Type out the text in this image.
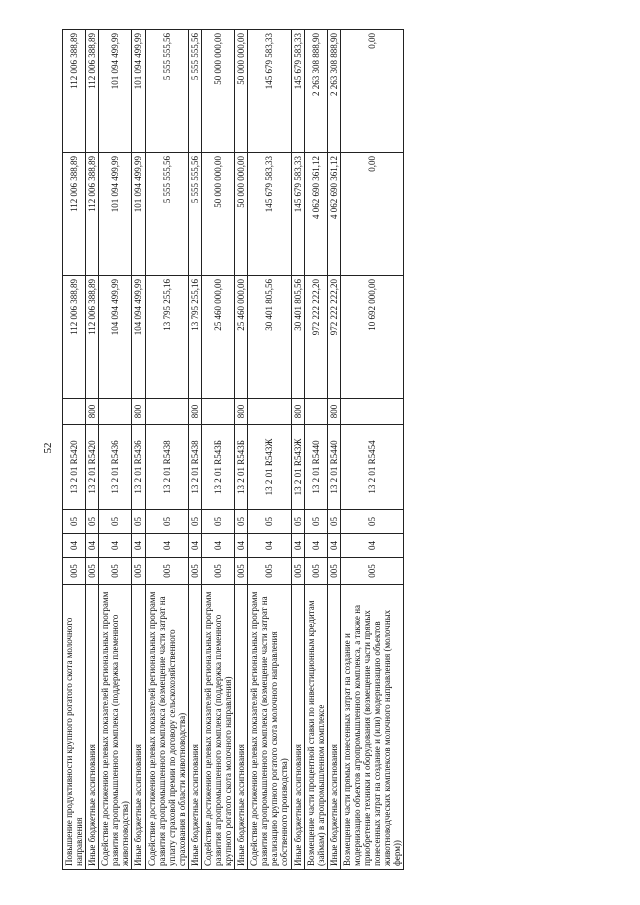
52
Повышение продуктивности крупного рогатого скота молочного направления	005	04	05	13 2 01 R5420		112 006 388,89	112 006 388,89	112 006 388,89
Иные бюджетные ассигнования	005	04	05	13 2 01 R5420	800	112 006 388,89	112 006 388,89	112 006 388,89
Содействие достижению целевых показателей региональных программ развития агропромышленного комплекса (поддержка племенного животноводства)	005	04	05	13 2 01 R5436		104 094 499,99	101 094 499,99	101 094 499,99
Иные бюджетные ассигнования	005	04	05	13 2 01 R5436	800	104 094 499,99	101 094 499,99	101 094 499,99
Содействие достижению целевых показателей региональных программ развития агропромышленного комплекса (возмещение части затрат на уплату страховой премии по договору сельскохозяйственного страхования в области животноводства)	005	04	05	13 2 01 R5438		13 795 255,16	5 555 555,56	5 555 555,56
Иные бюджетные ассигнования	005	04	05	13 2 01 R5438	800	13 795 255,16	5 555 555,56	5 555 555,56
Содействие достижению целевых показателей региональных программ развития агропромышленного комплекса (поддержка племенного крупного рогатого скота молочного направления)	005	04	05	13 2 01 R543Б		25 460 000,00	50 000 000,00	50 000 000,00
Иные бюджетные ассигнования	005	04	05	13 2 01 R543Б	800	25 460 000,00	50 000 000,00	50 000 000,00
Содействие достижению целевых показателей региональных программ развития агропромышленного комплекса (возмещение части затрат на реализацию крупного рогатого скота молочного направления собственного производства)	005	04	05	13 2 01 R543Ж		30 401 805,56	145 679 583,33	145 679 583,33
Иные бюджетные ассигнования	005	04	05	13 2 01 R543Ж	800	30 401 805,56	145 679 583,33	145 679 583,33
Возмещение части процентной ставки по инвестиционным кредитам (займам) в агропромышленном комплексе	005	04	05	13 2 01 R5440		972 222 222,20	4 062 690 361,12	2 263 308 888,90
Иные бюджетные ассигнования	005	04	05	13 2 01 R5440	800	972 222 222,20	4 062 690 361,12	2 263 308 888,90
Возмещение части прямых понесенных затрат на создание и модернизацию объектов агропромышленного комплекса, а также на приобретение техники и оборудования (возмещение части прямых понесенных затрат на создание и (или) модернизацию объектов животноводческих комплексов молочного направления (молочных ферм))	005	04	05	13 2 01 R5454		10 692 000,00	0,00	0,00
